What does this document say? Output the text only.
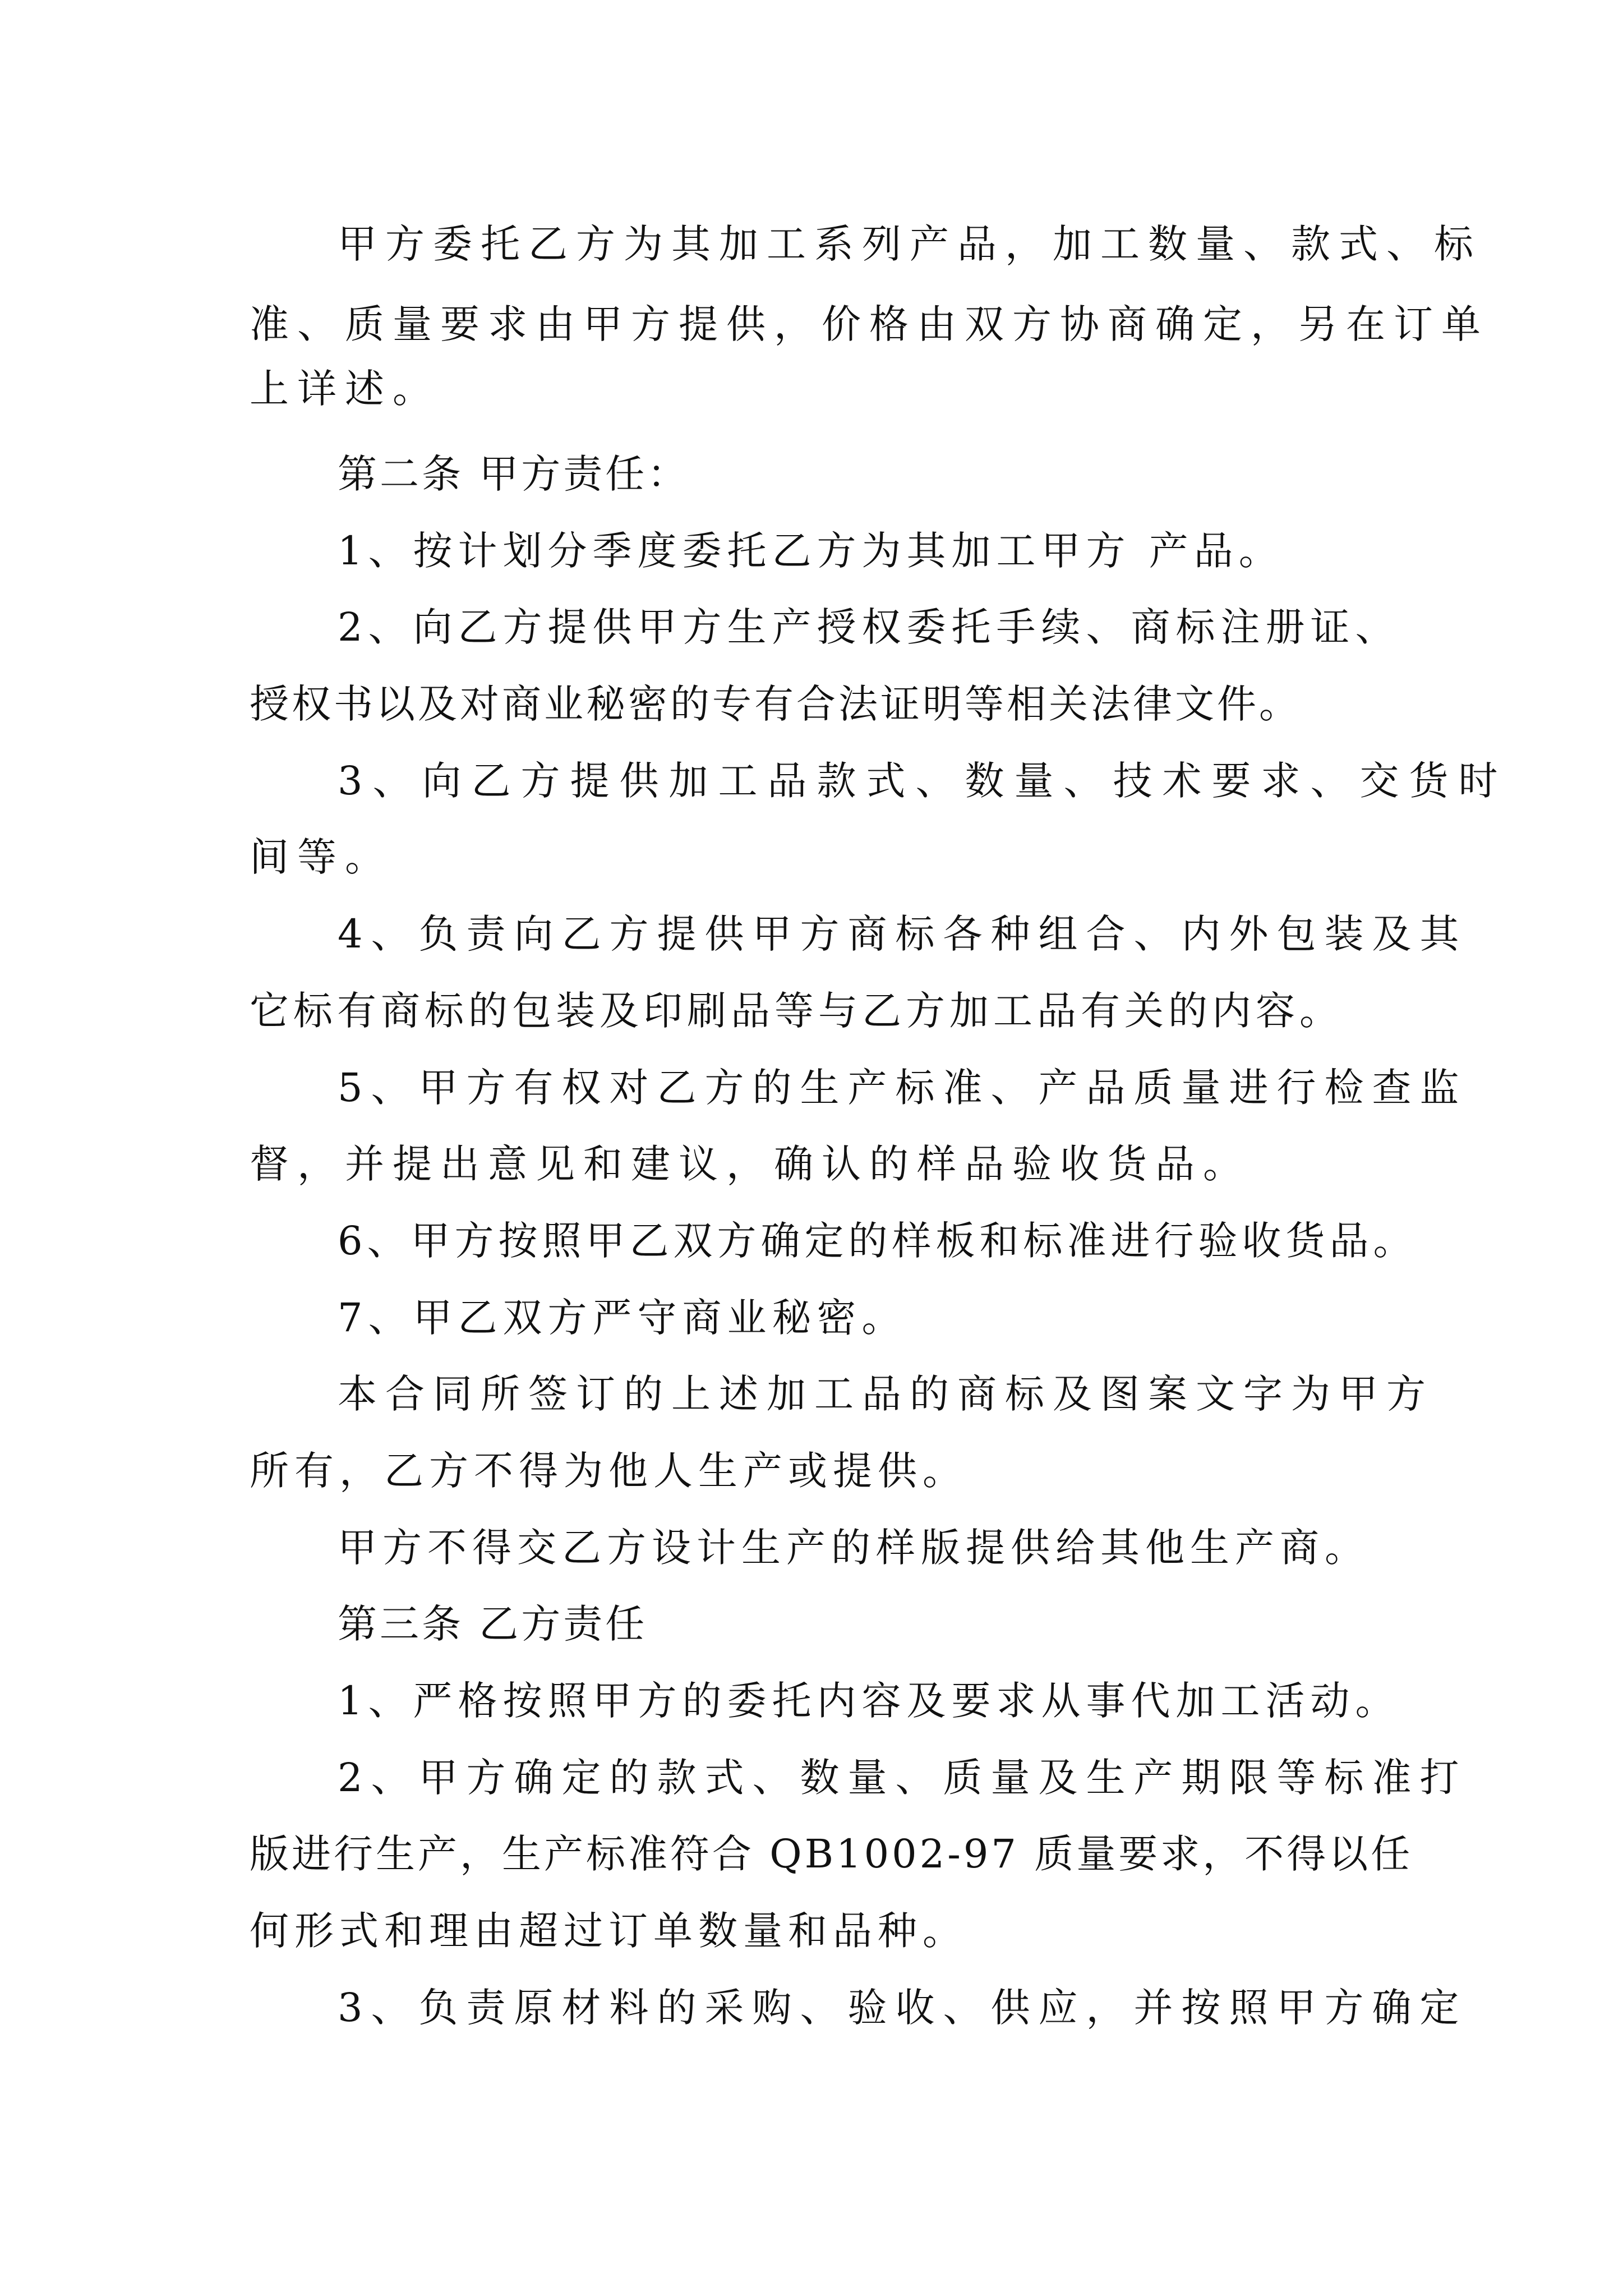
甲方委托乙方为其加工系列产品，加工数量、款式、标
准、质量要求由甲方提供，价格由双方协商确定，另在订单
上详述。
第二条 甲方责任：
1、按计划分季度委托乙方为其加工甲方 产品。
2、向乙方提供甲方生产授权委托手续、商标注册证、
授权书以及对商业秘密的专有合法证明等相关法律文件。
3、向乙方提供加工品款式、数量、技术要求、交货时
间等。
4、负责向乙方提供甲方商标各种组合、内外包装及其
它标有商标的包装及印刷品等与乙方加工品有关的内容。
5、甲方有权对乙方的生产标准、产品质量进行检查监
督，并提出意见和建议，确认的样品验收货品。
6、甲方按照甲乙双方确定的样板和标准进行验收货品。
7、甲乙双方严守商业秘密。
本合同所签订的上述加工品的商标及图案文字为甲方
所有，乙方不得为他人生产或提供。
甲方不得交乙方设计生产的样版提供给其他生产商。
第三条 乙方责任
1、严格按照甲方的委托内容及要求从事代加工活动。
2、甲方确定的款式、数量、质量及生产期限等标准打
版进行生产，生产标准符合 QB1002-97 质量要求，不得以任
何形式和理由超过订单数量和品种。
3、负责原材料的采购、验收、供应，并按照甲方确定
